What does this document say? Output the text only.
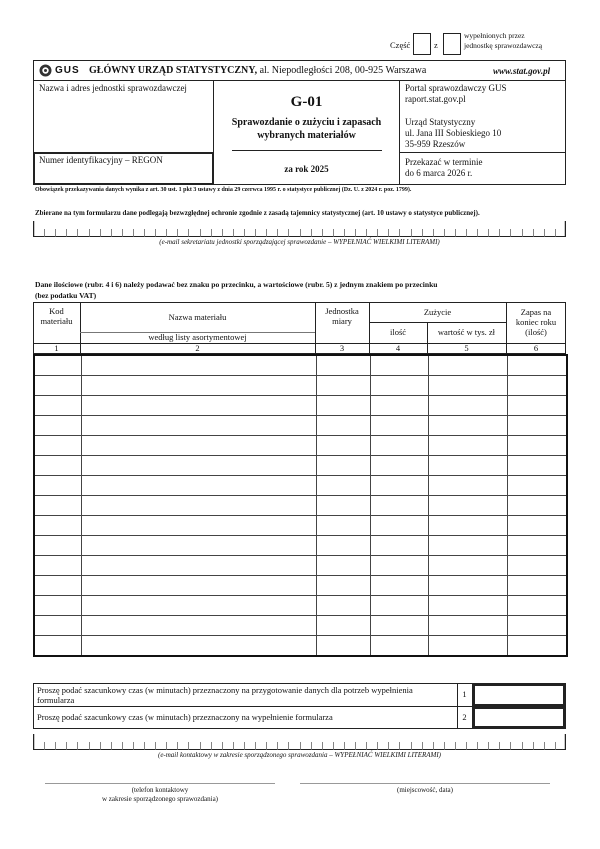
Część	z
wypełnionych przez
jednostkę sprawozdawczą
GUS GŁÓWNY URZĄD STATYSTYCZNY, al. Niepodległości 208, 00-925 Warszawa	www.stat.gov.pl
Nazwa i adres jednostki sprawozdawczej
Numer identyfikacyjny – REGON
G-01
Sprawozdanie o zużyciu i zapasach
wybranych materiałów
za rok 2025
Portal sprawozdawczy GUS
raport.stat.gov.pl
Urząd Statystyczny
ul. Jana III Sobieskiego 10
35-959 Rzeszów
Przekazać w terminie
do 6 marca 2026 r.
Obowiązek przekazywania danych wynika z art. 30 ust. 1 pkt 3 ustawy z dnia 29 czerwca 1995 r. o statystyce publicznej (Dz. U. z 2024 r. poz. 1799).
Zbierane na tym formularzu dane podlegają bezwzględnej ochronie zgodnie z zasadą tajemnicy statystycznej (art. 10 ustawy o statystyce publicznej).
(e-mail sekretariatu jednostki sporządzającej sprawozdanie – WYPEŁNIAĆ WIELKIMI LITERAMI)
Dane ilościowe (rubr. 4 i 6) należy podawać bez znaku po przecinku, a wartościowe (rubr. 5) z jednym znakiem po przecinku
(bez podatku VAT)
Kod
materiału	Nazwa materiału
według listy asortymentowej
Jednostka
miary
Zużycie
ilość	wartość w tys. zł
Zapas na
koniec roku
(ilość)
1	2	3	4	5	6

Proszę podać szacunkowy czas (w minutach) przeznaczony na przygotowanie danych dla potrzeb wypełnienia
formularza
1
Proszę podać szacunkowy czas (w minutach) przeznaczony na wypełnienie formularza	2
(e-mail kontaktowy w zakresie sporządzonego sprawozdania – WYPEŁNIAĆ WIELKIMI LITERAMI)
(telefon kontaktowy
w zakresie sporządzonego sprawozdania)
(miejscowość, data)
